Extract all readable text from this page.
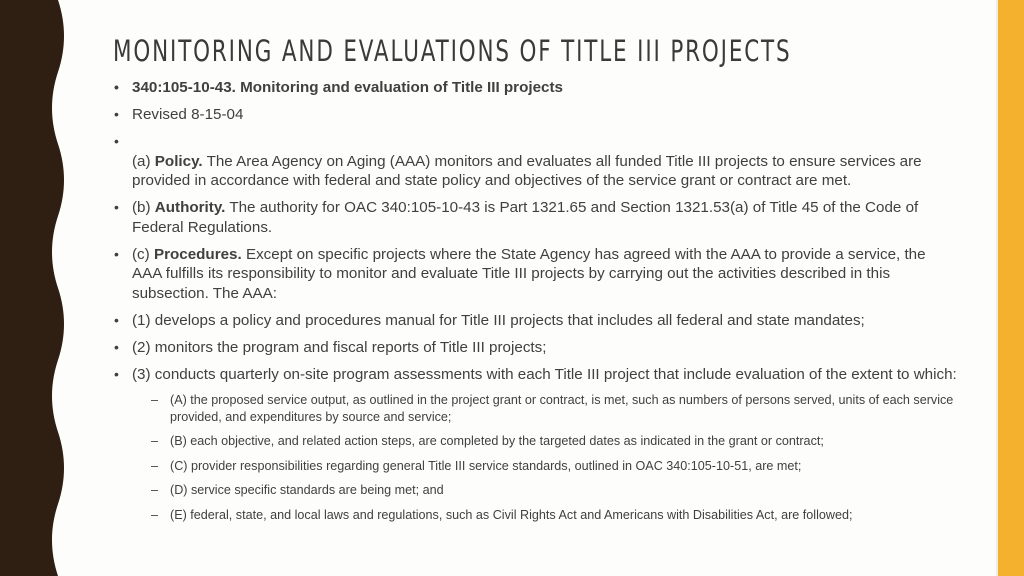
MONITORING AND EVALUATIONS OF TITLE III PROJECTS
• 340:105-10-43. Monitoring and evaluation of Title III projects
• Revised 8-15-04
• (a) Policy. The Area Agency on Aging (AAA) monitors and evaluates all funded Title III projects to ensure services are provided in accordance with federal and state policy and objectives of the service grant or contract are met.
• (b) Authority. The authority for OAC 340:105-10-43 is Part 1321.65 and Section 1321.53(a) of Title 45 of the Code of Federal Regulations.
• (c) Procedures. Except on specific projects where the State Agency has agreed with the AAA to provide a service, the AAA fulfills its responsibility to monitor and evaluate Title III projects by carrying out the activities described in this subsection. The AAA:
• (1) develops a policy and procedures manual for Title III projects that includes all federal and state mandates;
• (2) monitors the program and fiscal reports of Title III projects;
• (3) conducts quarterly on-site program assessments with each Title III project that include evaluation of the extent to which:
– (A) the proposed service output, as outlined in the project grant or contract, is met, such as numbers of persons served, units of each service provided, and expenditures by source and service;
– (B) each objective, and related action steps, are completed by the targeted dates as indicated in the grant or contract;
– (C) provider responsibilities regarding general Title III service standards, outlined in OAC 340:105-10-51, are met;
– (D) service specific standards are being met; and
– (E) federal, state, and local laws and regulations, such as Civil Rights Act and Americans with Disabilities Act, are followed;
